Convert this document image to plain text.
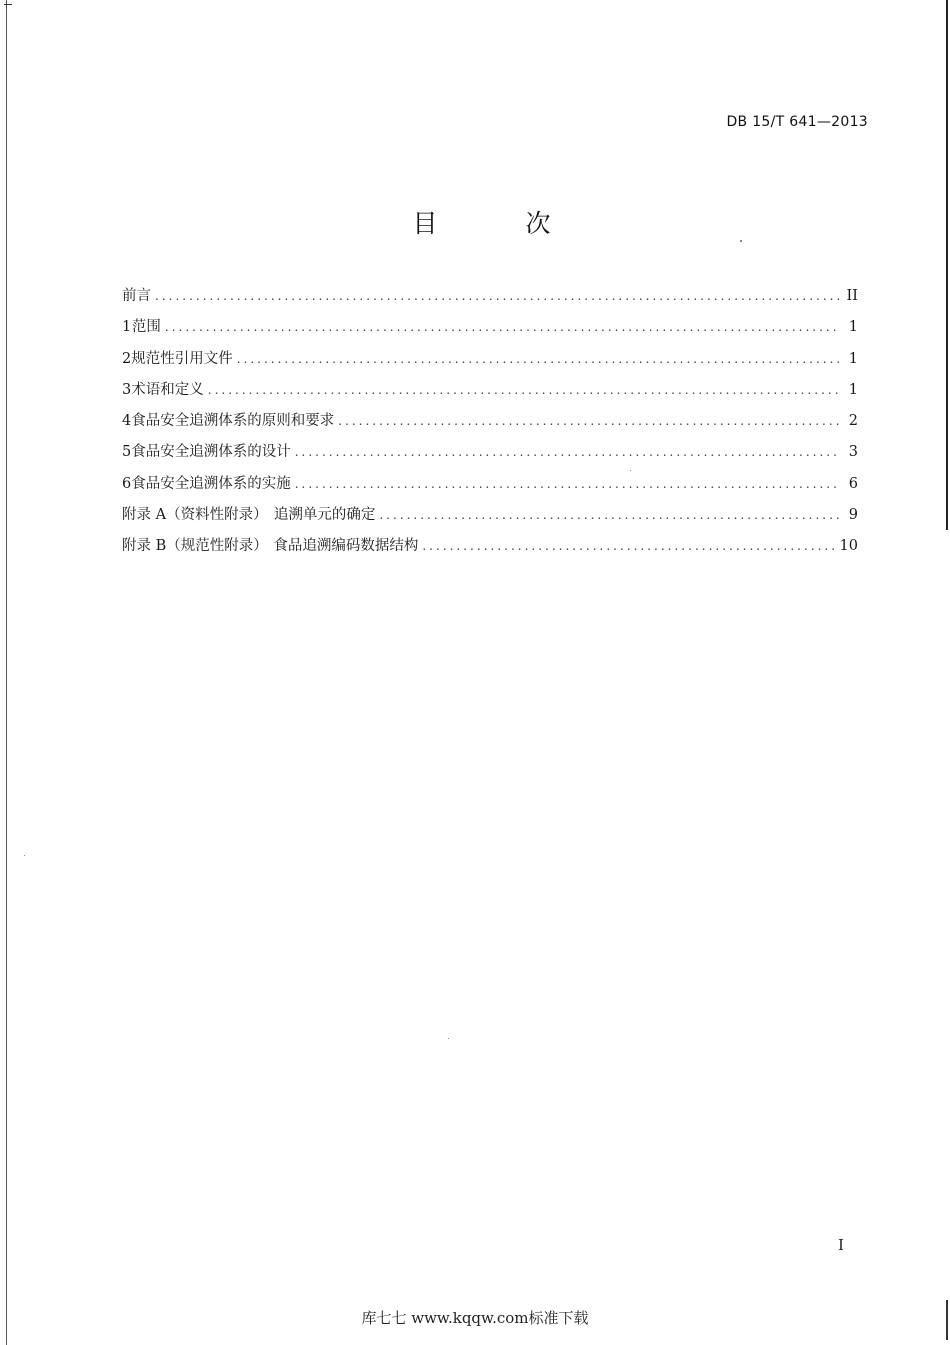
DB 15/T 641—2013
目 次
前言 .....	II
1 范围 .....	1
2 规范性引用文件 .....	1
3 术语和定义 .....	1
4 食品安全追溯体系的原则和要求 .....	2
5 食品安全追溯体系的设计 .....	3
6 食品安全追溯体系的实施 .....	6
附录 A（资料性附录） 追溯单元的确定 .....	9
附录 B（规范性附录） 食品追溯编码数据结构 .....	10
I
库七七 www.kqqw.com标准下载
